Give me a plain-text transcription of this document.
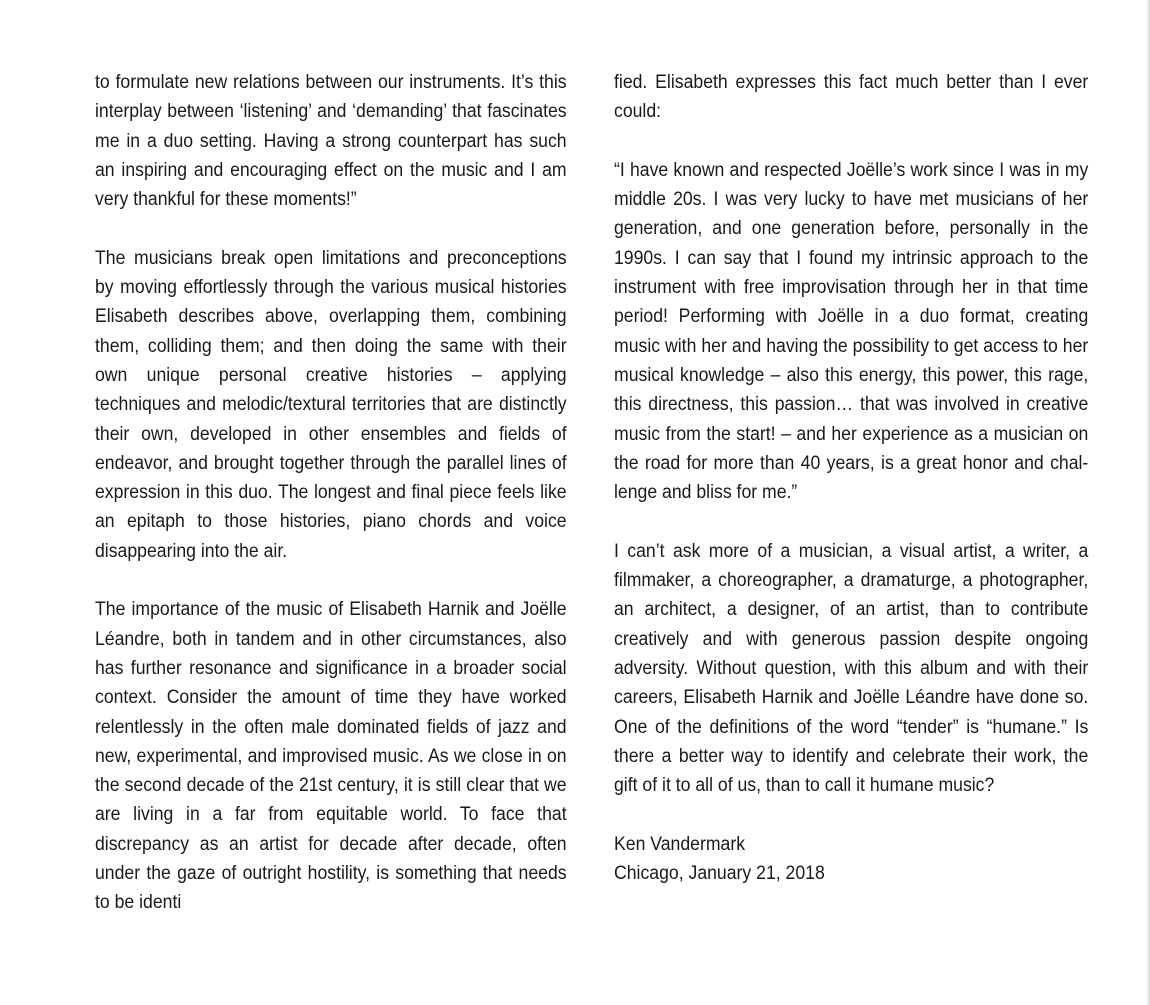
to formulate new relations between our instruments. It’s this interplay between ‘listening’ and ‘demanding’ that fascinates me in a duo setting. Having a strong counterpart has such an inspiring and encouraging effect on the music and I am very thankful for these moments!”

The musicians break open limitations and preconceptions by moving effortlessly through the various musical histories Elisabeth describes above, overlapping them, combining them, colliding them; and then doing the same with their own unique personal creative histories – applying techniques and melodic/textural territories that are distinctly their own, developed in other ensembles and fields of endeavor, and brought together through the parallel lines of expression in this duo. The longest and final piece feels like an epitaph to those histories, piano chords and voice disappearing into the air.

The importance of the music of Elisabeth Harnik and Joëlle Léandre, both in tandem and in other circumstances, also has further resonance and significance in a broader social context. Consider the amount of time they have worked relentlessly in the often male dominated fields of jazz and new, experimental, and improvised music. As we close in on the second decade of the 21st century, it is still clear that we are living in a far from equitable world. To face that discrepancy as an artist for decade after decade, often under the gaze of outright hostility, is something that needs to be identi

fied. Elisabeth expresses this fact much better than I ever could:

“I have known and respected Joëlle’s work since I was in my middle 20s. I was very lucky to have met musicians of her generation, and one generation before, personally in the 1990s. I can say that I found my intrinsic approach to the instrument with free improvisation through her in that time period! Performing with Joëlle in a duo format, creating music with her and having the possibility to get access to her musical knowledge – also this energy, this power, this rage, this directness, this passion… that was involved in creative music from the start! – and her experience as a musician on the road for more than 40 years, is a great honor and challenge and bliss for me.”

I can’t ask more of a musician, a visual artist, a writer, a filmmaker, a choreographer, a dramaturge, a photographer, an architect, a designer, of an artist, than to contribute creatively and with generous passion despite ongoing adversity. Without question, with this album and with their careers, Elisabeth Harnik and Joëlle Léandre have done so. One of the definitions of the word “tender” is “humane.” Is there a better way to identify and celebrate their work, the gift of it to all of us, than to call it humane music?

Ken Vandermark

Chicago, January 21, 2018
